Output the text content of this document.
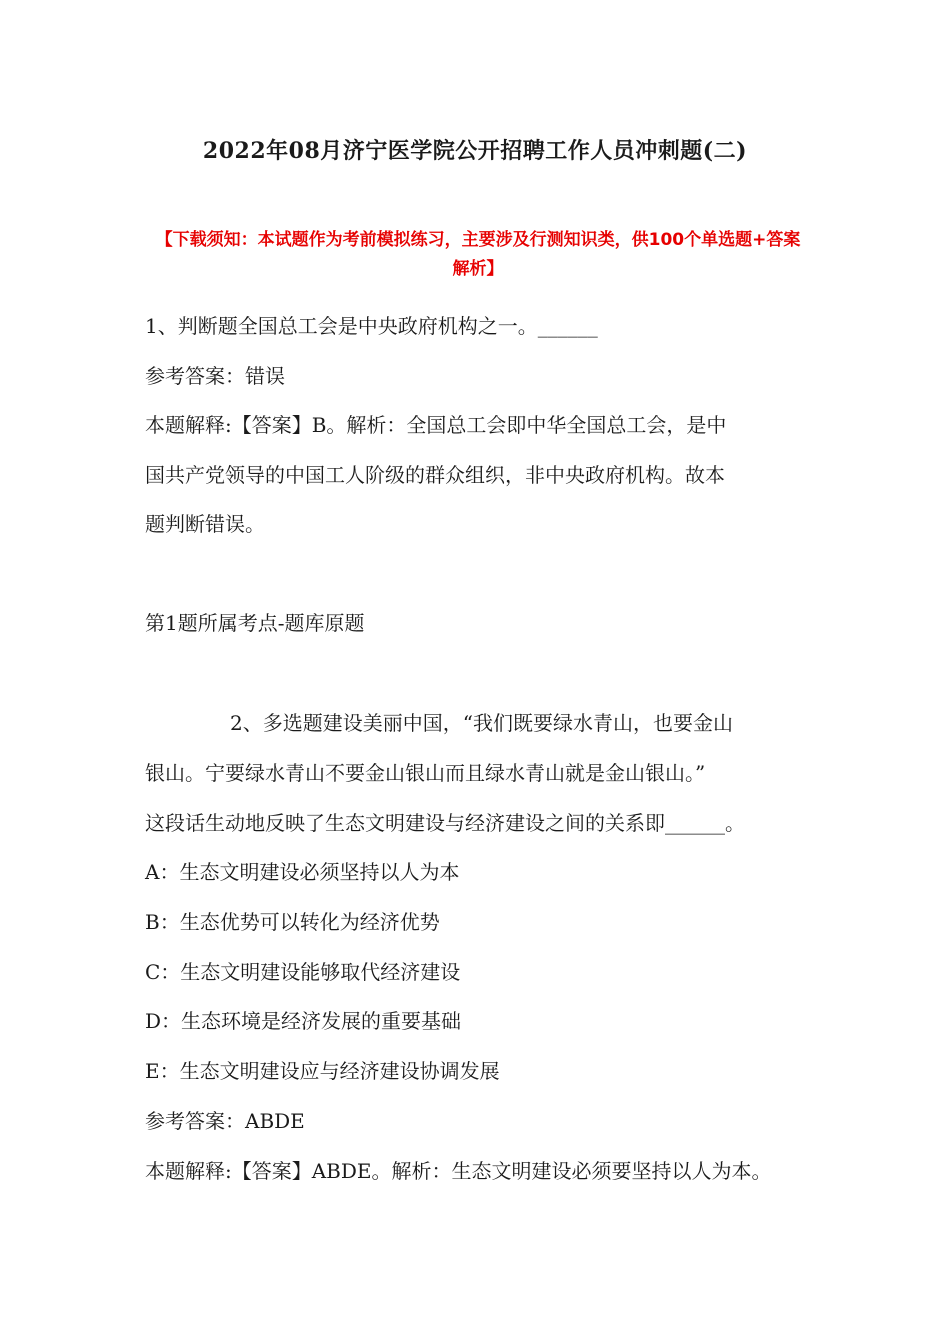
2022年08月济宁医学院公开招聘工作人员冲刺题(二)
【下载须知：本试题作为考前模拟练习，主要涉及行测知识类，供100个单选题+答案解析】
1、判断题全国总工会是中央政府机构之一。______
参考答案：错误
本题解释:【答案】B。解析：全国总工会即中华全国总工会，是中
国共产党领导的中国工人阶级的群众组织，非中央政府机构。故本
题判断错误。
第1题所属考点-题库原题
2、多选题建设美丽中国，“我们既要绿水青山，也要金山
银山。宁要绿水青山不要金山银山而且绿水青山就是金山银山。”
这段话生动地反映了生态文明建设与经济建设之间的关系即______。
A：生态文明建设必须坚持以人为本
B：生态优势可以转化为经济优势
C：生态文明建设能够取代经济建设
D：生态环境是经济发展的重要基础
E：生态文明建设应与经济建设协调发展
参考答案：ABDE
本题解释:【答案】ABDE。解析：生态文明建设必须要坚持以人为本。
